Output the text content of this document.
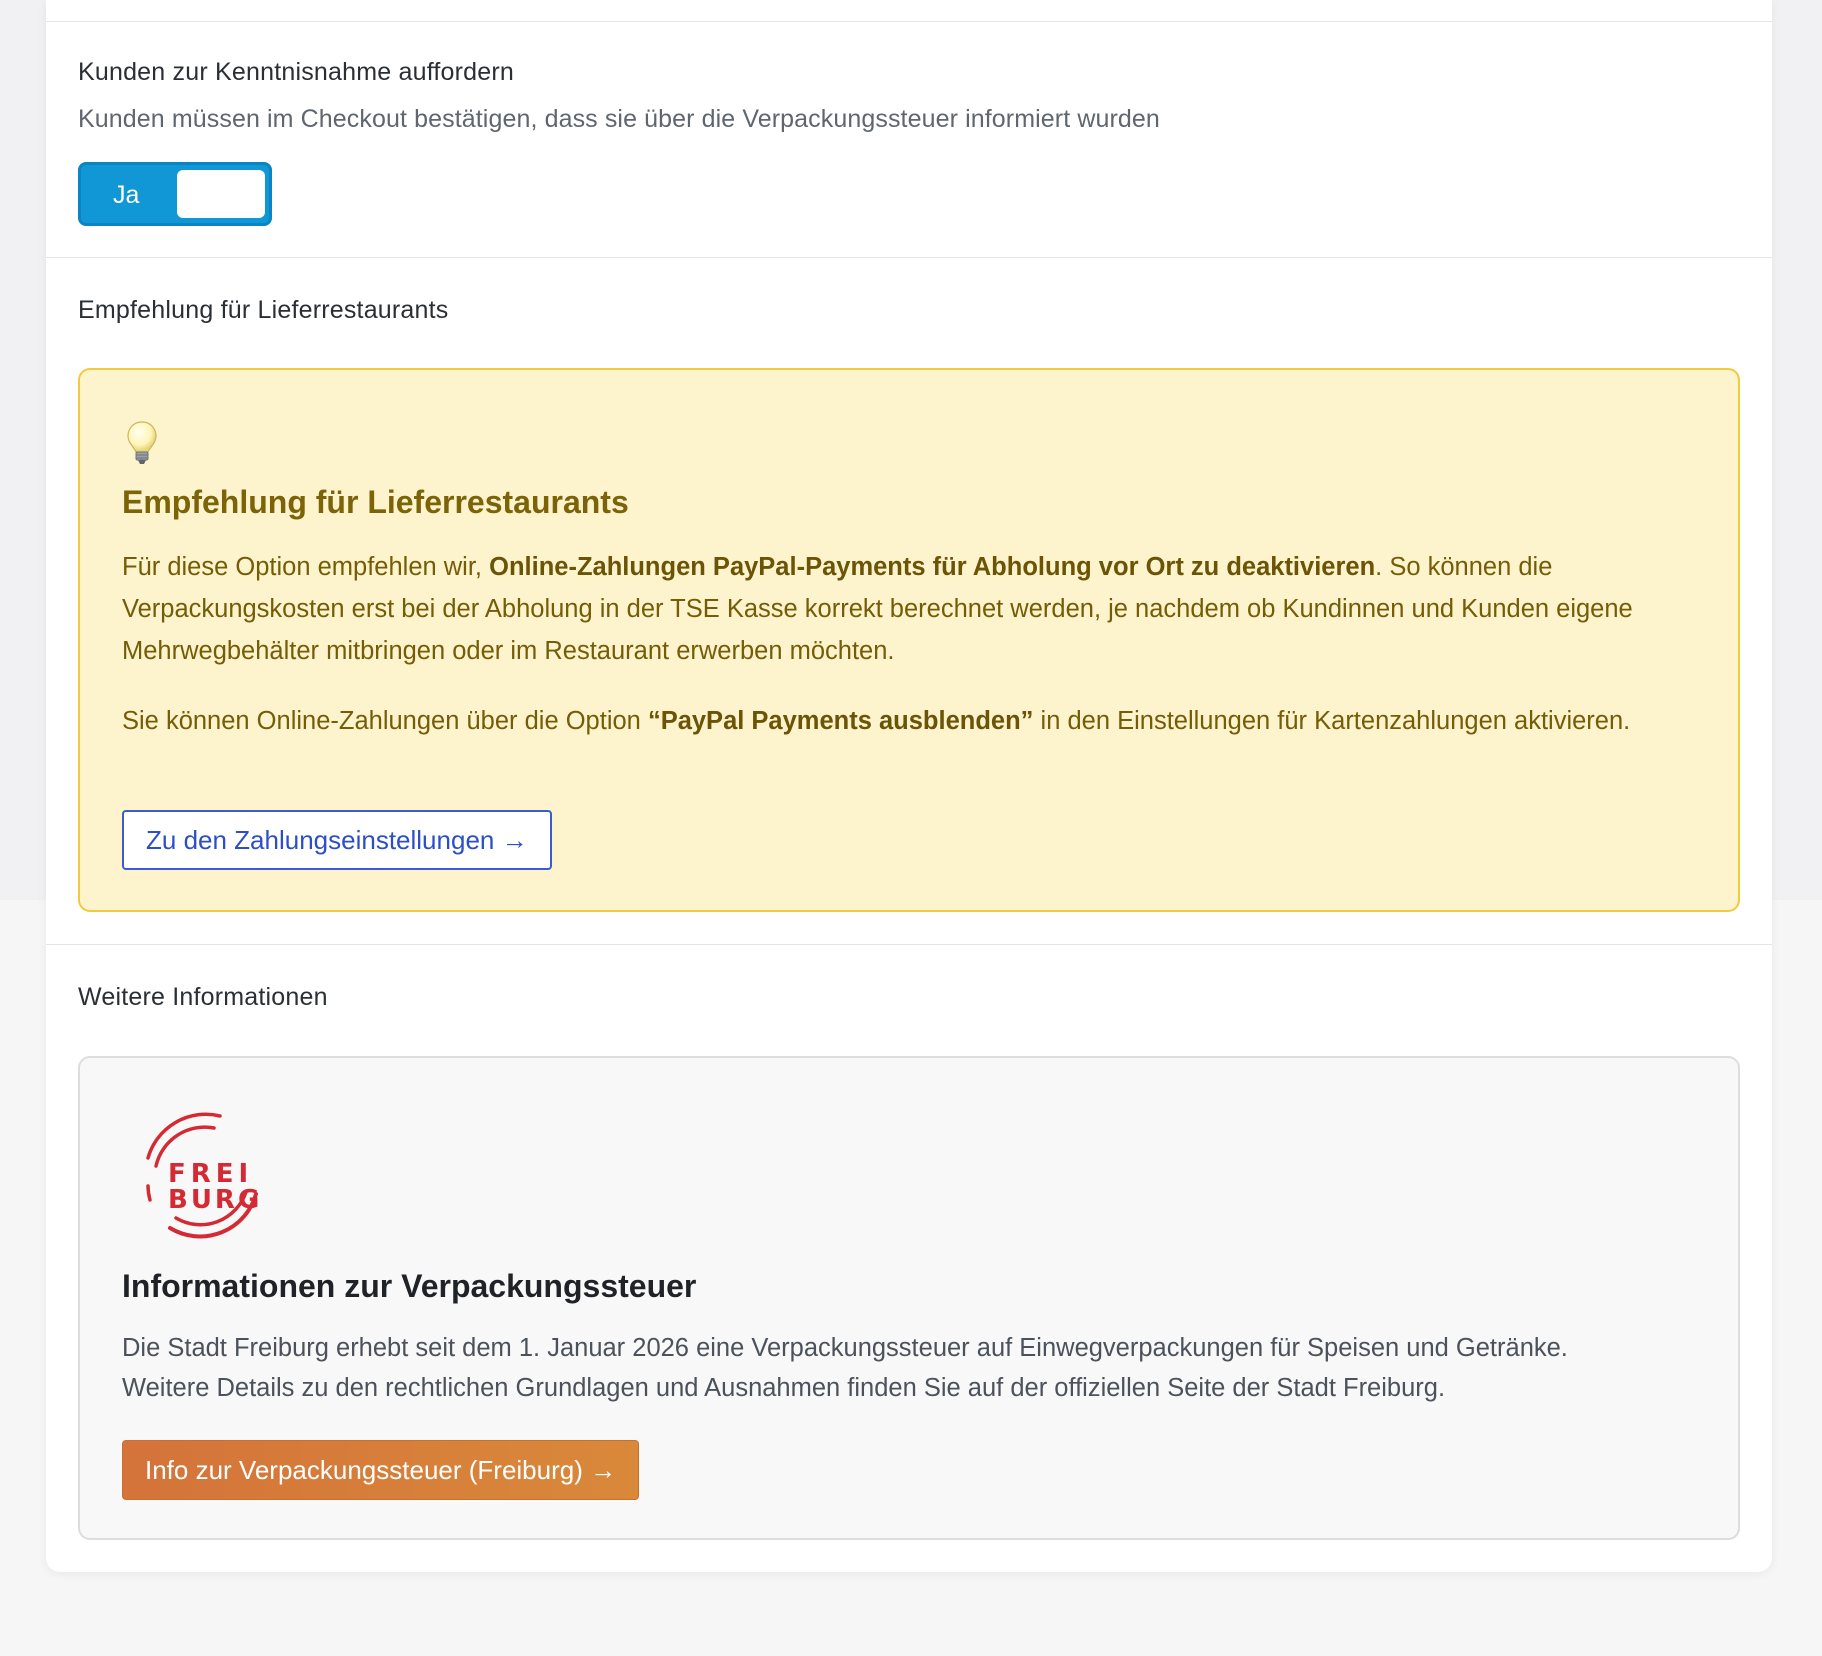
Kunden zur Kenntnisnahme auffordern
Kunden müssen im Checkout bestätigen, dass sie über die Verpackungssteuer informiert wurden
Ja
Empfehlung für Lieferrestaurants
Empfehlung für Lieferrestaurants
Für diese Option empfehlen wir, Online-Zahlungen PayPal-Payments für Abholung vor Ort zu deaktivieren. So können die Verpackungskosten erst bei der Abholung in der TSE Kasse korrekt berechnet werden, je nachdem ob Kundinnen und Kunden eigene Mehrwegbehälter mitbringen oder im Restaurant erwerben möchten.
Sie können Online-Zahlungen über die Option “PayPal Payments ausblenden” in den Einstellungen für Kartenzahlungen aktivieren.
Zu den Zahlungseinstellungen →
Weitere Informationen
FREI
BURG
Informationen zur Verpackungssteuer
Die Stadt Freiburg erhebt seit dem 1. Januar 2026 eine Verpackungssteuer auf Einwegverpackungen für Speisen und Getränke.
Weitere Details zu den rechtlichen Grundlagen und Ausnahmen finden Sie auf der offiziellen Seite der Stadt Freiburg.
Info zur Verpackungssteuer (Freiburg) →
